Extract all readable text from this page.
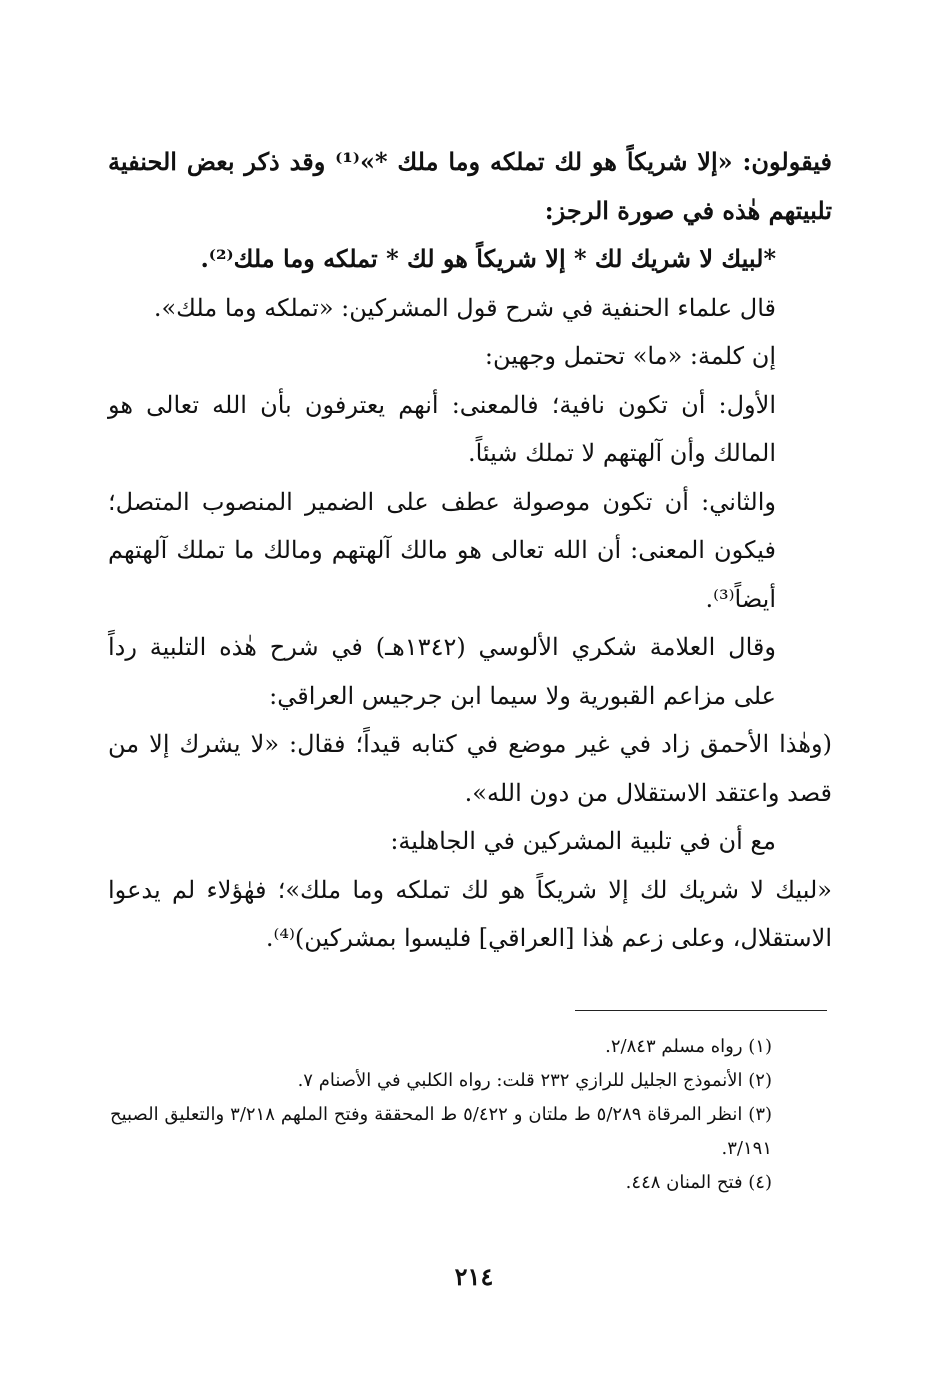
فيقولون: «إلا شريكاً هو لك تملكه وما ملك *»⁽¹⁾ وقد ذكر بعض الحنفية تلبيتهم هٰذه في صورة الرجز:

*لبيك لا شريك لك * إلا شريكاً هو لك * تملكه وما ملك⁽²⁾.

قال علماء الحنفية في شرح قول المشركين: «تملكه وما ملك».

إن كلمة: «ما» تحتمل وجهين:

الأول: أن تكون نافية؛ فالمعنى: أنهم يعترفون بأن الله تعالى هو المالك وأن آلهتهم لا تملك شيئاً.

والثاني: أن تكون موصولة عطف على الضمير المنصوب المتصل؛ فيكون المعنى: أن الله تعالى هو مالك آلهتهم ومالك ما تملك آلهتهم أيضاً⁽³⁾.

وقال العلامة شكري الألوسي (١٣٤٢هـ) في شرح هٰذه التلبية رداً على مزاعم القبورية ولا سيما ابن جرجيس العراقي:

(وهٰذا الأحمق زاد في غير موضع في كتابه قيداً؛ فقال: «لا يشرك إلا من قصد واعتقد الاستقلال من دون الله».

مع أن في تلبية المشركين في الجاهلية:

«لبيك لا شريك لك إلا شريكاً هو لك تملكه وما ملك»؛ فهٰؤلاء لم يدعوا الاستقلال، وعلى زعم هٰذا [العراقي] فليسوا بمشركين)⁽⁴⁾.

(١) رواه مسلم ٢/٨٤٣.

(٢) الأنموذج الجليل للرازي ٢٣٢ قلت: رواه الكلبي في الأصنام ٧.

(٣) انظر المرقاة ٥/٢٨٩ ط ملتان و ٥/٤٢٢ ط المحققة وفتح الملهم ٣/٢١٨ والتعليق الصبيح ٣/١٩١.

(٤) فتح المنان ٤٤٨.

٢١٤
